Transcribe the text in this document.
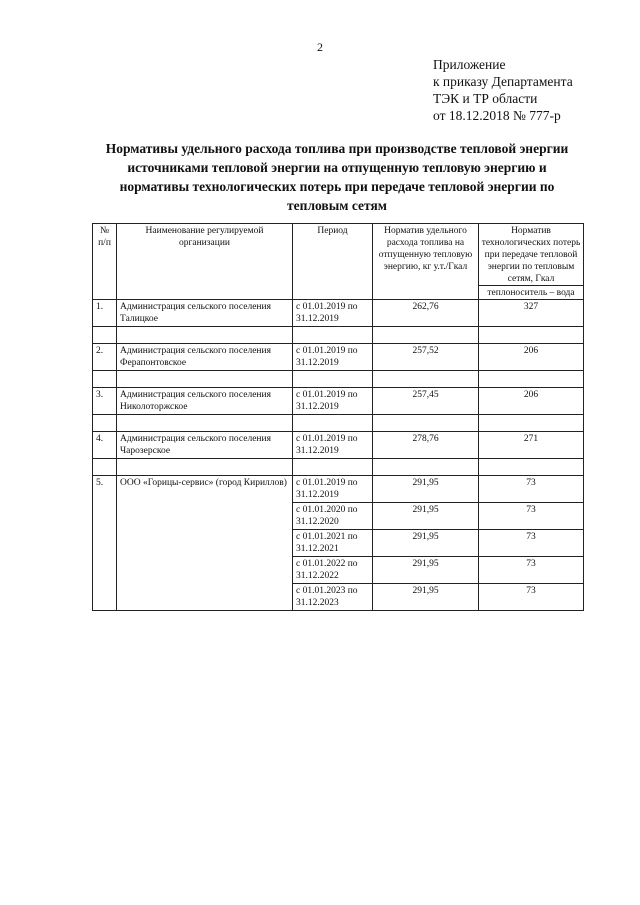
2
Приложение
к приказу Департамента
ТЭК и ТР области
от 18.12.2018 № 777-р
Нормативы удельного расхода топлива при производстве тепловой энергии источниками тепловой энергии на отпущенную тепловую энергию и нормативы технологических потерь при передаче тепловой энергии по тепловым сетям
№ п/п	Наименование регулируемой организации	Период	Норматив удельного расхода топлива на отпущенную тепловую энергию, кг у.т./Гкал	Норматив технологических потерь при передаче тепловой энергии по тепловым сетям, Гкал
теплоноситель – вода

1.	Администрация сельского поселения Талицкое	с 01.01.2019 по 31.12.2019	262,76	327

2.	Администрация сельского поселения Ферапонтовское	с 01.01.2019 по 31.12.2019	257,52	206

3.	Администрация сельского поселения Николоторжское	с 01.01.2019 по 31.12.2019	257,45	206

4.	Администрация сельского поселения Чарозерское	с 01.01.2019 по 31.12.2019	278,76	271

5.	ООО «Горицы-сервис» (город Кириллов)	с 01.01.2019 по 31.12.2019	291,95	73
		с 01.01.2020 по 31.12.2020	291,95	73
		с 01.01.2021 по 31.12.2021	291,95	73
		с 01.01.2022 по 31.12.2022	291,95	73
		с 01.01.2023 по 31.12.2023	291,95	73
